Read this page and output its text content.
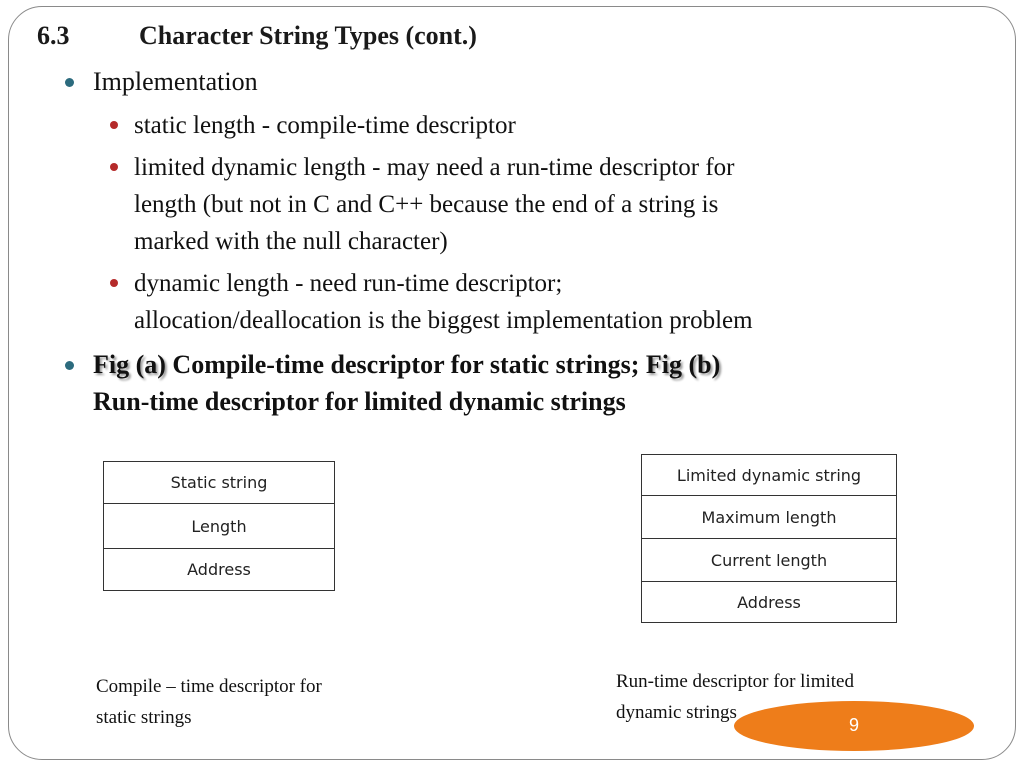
6.3	Character String Types (cont.)
Implementation
static length - compile-time descriptor
limited dynamic length - may need a run-time descriptor for
length (but not in C and C++ because the end of a string is
marked with the null character)
dynamic length - need run-time descriptor;
allocation/deallocation is the biggest implementation problem
Fig (a) Compile-time descriptor for static strings; Fig (b)
Run-time descriptor for limited dynamic strings
Static string
Length
Address
Limited dynamic string
Maximum length
Current length
Address
Compile – time descriptor for
static strings	9
Run-time descriptor for limited
dynamic strings
